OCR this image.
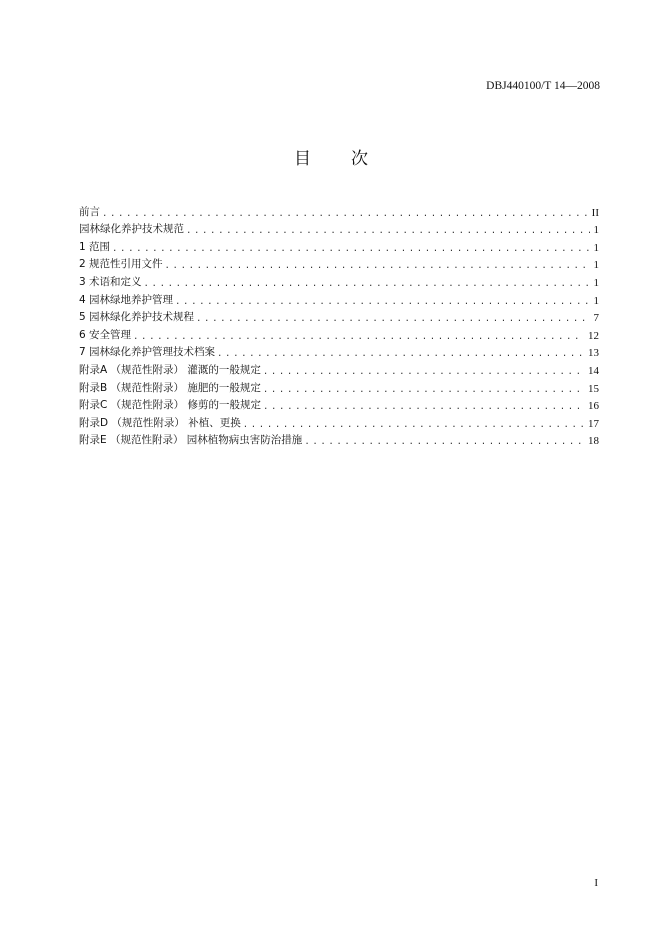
DBJ440100/T 14—2008
目次
前言 .....	II
园林绿化养护技术规范 .....	1
1 范围 .....	1
2 规范性引用文件 .....	1
3 术语和定义 .....	1
4 园林绿地养护管理 .....	1
5 园林绿化养护技术规程 .....	7
6 安全管理 .....	12
7 园林绿化养护管理技术档案 .....	13
附录A （规范性附录） 灌溉的一般规定 .....	14
附录B （规范性附录） 施肥的一般规定 .....	15
附录C （规范性附录） 修剪的一般规定 .....	16
附录D （规范性附录） 补植、更换 .....	17
附录E （规范性附录） 园林植物病虫害防治措施 .....	18
I
